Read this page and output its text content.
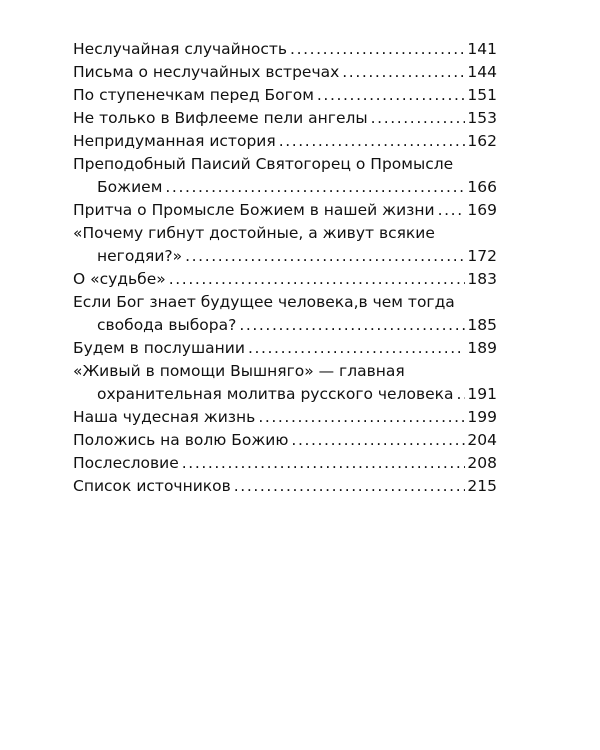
Неслучайная случайность .....	141
Письма о неслучайных встречах .....	144
По ступенечкам перед Богом .....	151
Не только в Вифлееме пели ангелы .....	153
Непридуманная история .....	162
Преподобный Паисий Святогорец о Промысле
Божием .....	166
Притча о Промысле Божием в нашей жизни ..... 169
«Почему гибнут достойные, а живут всякие
негодяи?» .....	172
О «судьбе» .....	183
Если Бог знает будущее человека,в чем тогда
свобода выбора? .....	185
Будем в послушании .....	189
«Живый в помощи Вышняго» — главная
охранительная молитва русского человека ..... 191
Наша чудесная жизнь .....	199
Положись на волю Божию .....	204
Послесловие .....	208
Список источников .....	215
